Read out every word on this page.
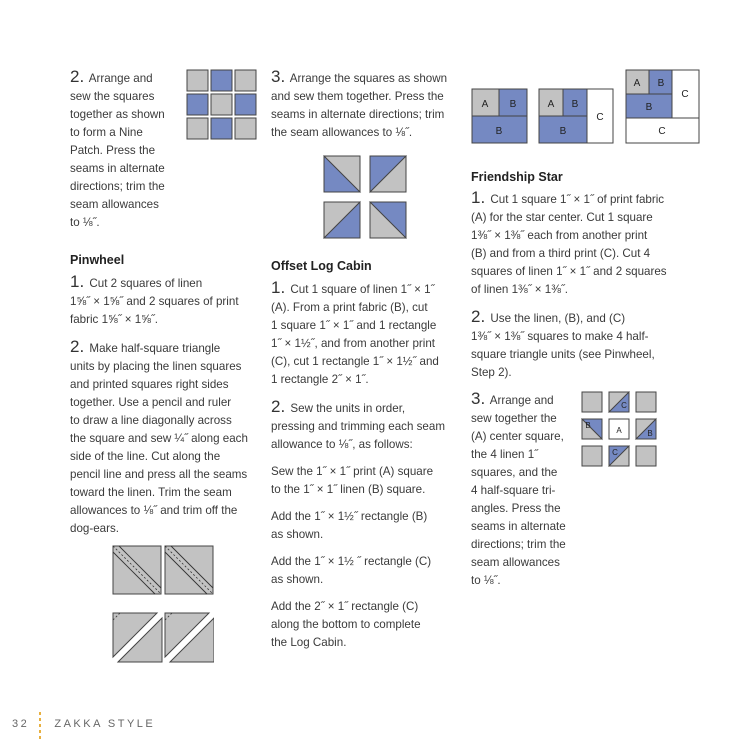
2. Arrange and

sew the squares

together as shown

to form a Nine

Patch. Press the

seams in alternate

directions; trim the

seam allowances

to ⅛˝.

Pinwheel

1. Cut 2 squares of linen

1⅝˝ × 1⅝˝ and 2 squares of print

fabric 1⅝˝ × 1⅝˝.

2. Make half-square triangle

units by placing the linen squares

and printed squares right sides

together. Use a pencil and ruler

to draw a line diagonally across

the square and sew ¼˝ along each

side of the line. Cut along the

pencil line and press all the seams

toward the linen. Trim the seam

allowances to ⅛˝ and trim off the

dog-ears.

3. Arrange the squares as shown

and sew them together. Press the

seams in alternate directions; trim

the seam allowances to ⅛˝.

Offset Log Cabin

1. Cut 1 square of linen 1˝ × 1˝

(A). From a print fabric (B), cut

1 square 1˝ × 1˝ and 1 rectangle

1˝ × 1½˝, and from another print

(C), cut 1 rectangle 1˝ × 1½˝ and

1 rectangle 2˝ × 1˝.

2. Sew the units in order,

pressing and trimming each seam

allowance to ⅛˝, as follows:

Sew the 1˝ × 1˝ print (A) square

to the 1˝ × 1˝ linen (B) square.

Add the 1˝ × 1½˝ rectangle (B)

as shown.

Add the 1˝ × 1½ ˝ rectangle (C)

as shown.

Add the 2˝ × 1˝ rectangle (C)

along the bottom to complete

the Log Cabin.

A B
B
A B
B
C
A B
B
C
C
Friendship Star

1. Cut 1 square 1˝ × 1˝ of print fabric

(A) for the star center. Cut 1 square

1⅜˝ × 1⅜˝ each from another print

(B) and from a third print (C). Cut 4

squares of linen 1˝ × 1˝ and 2 squares

of linen 1⅜˝ × 1⅜˝.

2. Use the linen, (B), and (C)

1⅜˝ × 1⅜˝ squares to make 4 half-

square triangle units (see Pinwheel,

Step 2).

3. Arrange and

sew together the

(A) center square,

the 4 linen 1˝

squares, and the

4 half-square tri-

angles. Press the

seams in alternate

directions; trim the

seam allowances

to ⅛˝.

C
B
A	B
C
32 ZAKKA STYLE
